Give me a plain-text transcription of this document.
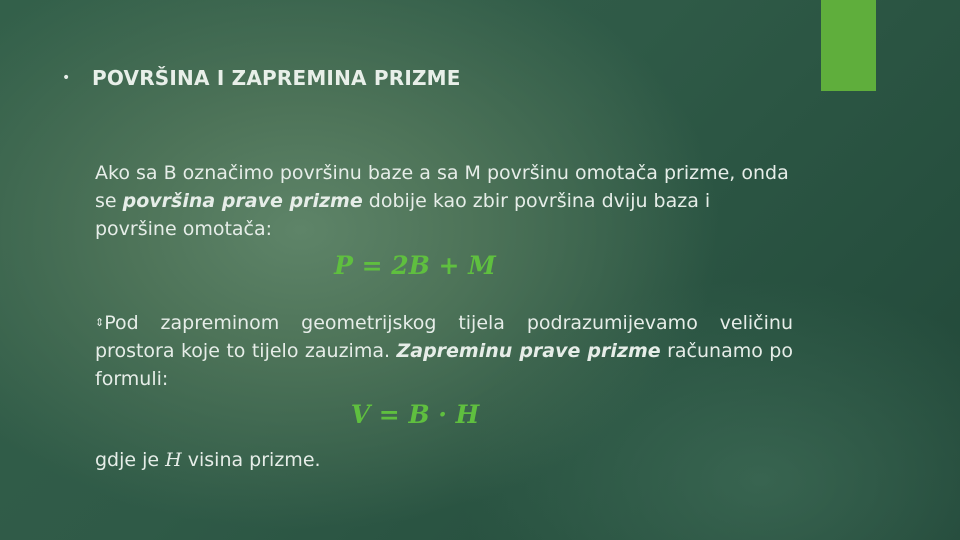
•	POVRŠINA I ZAPREMINA PRIZME

Ako sa B označimo površinu baze a sa M površinu omotača prizme, onda se površina prave prizme dobije kao zbir površina dviju baza i površine omotača:

P = 2B + M

⇕Pod zapreminom geometrijskog tijela podrazumijevamo veličinu prostora koje to tijelo zauzima. Zapreminu prave prizme računamo po formuli:

V = B · H

gdje je H visina prizme.
